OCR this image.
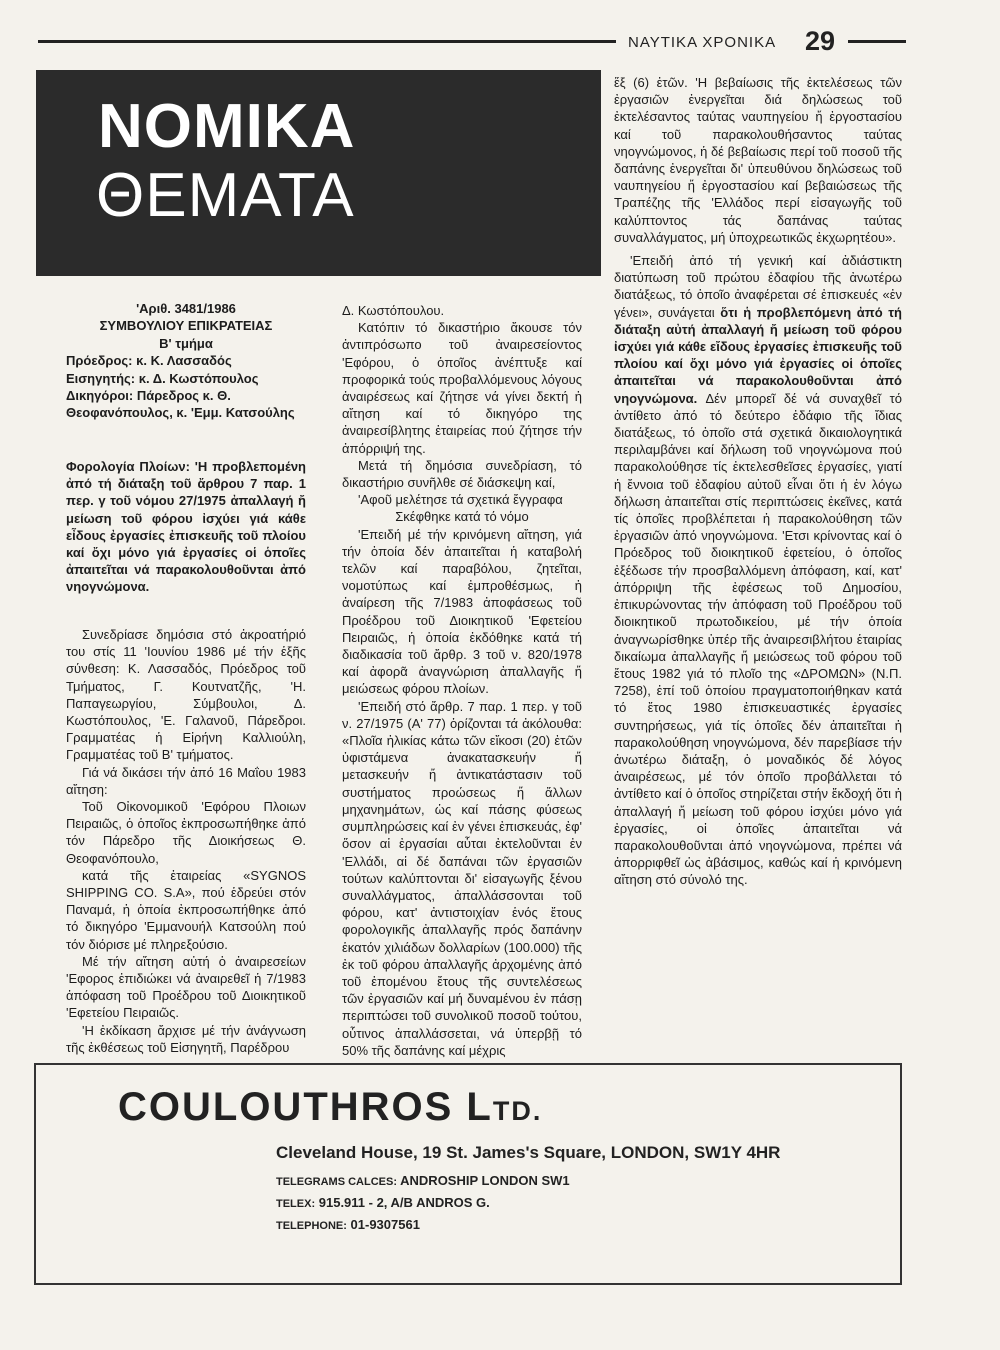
ΝΑΥΤΙΚΑ ΧΡΟΝΙΚΑ 29
ΝΟΜΙΚΑ
ΘΕΜΑΤΑ
'Αριθ. 3481/1986
ΣΥΜΒΟΥΛΙΟΥ ΕΠΙΚΡΑΤΕΙΑΣ
Β' τμήμα
Πρόεδρος: κ. Κ. Λασσαδός
Εισηγητής: κ. Δ. Κωστόπουλος
Δικηγόροι: Πάρεδρος κ. Θ. Θεοφανόπουλος, κ. 'Εμμ. Κατσούλης
Φορολογία Πλοίων: 'Η προβλεπομένη ἀπό τή διάταξη τοῦ ἄρθρου 7 παρ. 1 περ. γ τοῦ νόμου 27/1975 ἀπαλλαγή ἤ μείωση τοῦ φόρου ἰσχύει γιά κάθε εἶδους ἐργασίες ἐπισκευῆς τοῦ πλοίου καί ὄχι μόνο γιά ἐργασίες οἱ ὁποῖες ἀπαιτεῖται νά παρακολουθοῦνται ἀπό νηογνώμονα.

Συνεδρίασε δημόσια στό ἀκροατήριό του στίς 11 'Ιουνίου 1986 μέ τήν ἑξῆς σύνθεση: Κ. Λασσαδός, Πρόεδρος τοῦ Τμήματος, Γ. Κουτνατζῆς, 'Η. Παπαγεωργίου, Σύμβουλοι, Δ. Κωστόπουλος, 'Ε. Γαλανοῦ, Πάρεδροι. Γραμματέας ἡ Εἰρήνη Καλλιούλη, Γραμματέας τοῦ Β' τμήματος.

Γιά νά δικάσει τήν ἀπό 16 Μαΐου 1983 αἴτηση:

Τοῦ Οἰκονομικοῦ 'Εφόρου Πλοιων Πειραιῶς, ὁ ὁποῖος ἐκπροσωπήθηκε ἀπό τόν Πάρεδρο τῆς Διοικήσεως Θ. Θεοφανόπουλο,

κατά τῆς ἑταιρείας «SYGNOS SHIPPING CO. S.A», πού ἑδρεύει στόν Παναμά, ἡ ὁποία ἐκπροσωπήθηκε ἀπό τό δικηγόρο 'Εμμανουήλ Κατσούλη πού τόν διόρισε μέ πληρεξούσιο.

Μέ τήν αἴτηση αὐτή ὁ ἀναιρεσείων 'Εφορος ἐπιδιώκει νά ἀναιρεθεῖ ἡ 7/1983 ἀπόφαση τοῦ Προέδρου τοῦ Διοικητικοῦ 'Εφετείου Πειραιῶς.

'Η ἐκδίκαση ἄρχισε μέ τήν ἀνάγνωση τῆς ἐκθέσεως τοῦ Εἰσηγητῆ, Παρέδρου

Δ. Κωστόπουλου.

Κατόπιν τό δικαστήριο ἄκουσε τόν ἀντιπρόσωπο τοῦ ἀναιρεσείοντος 'Εφόρου, ὁ ὁποῖος ἀνέπτυξε καί προφορικά τούς προβαλλόμενους λόγους ἀναιρέσεως καί ζήτησε νά γίνει δεκτή ἡ αἴτηση καί τό δικηγόρο της ἀναιρεσίβλητης ἑταιρείας πού ζήτησε τήν ἀπόρριψή της.

Μετά τή δημόσια συνεδρίαση, τό δικαστήριο συνῆλθε σέ διάσκεψη καί,

'Αφοῦ μελέτησε τά σχετικά ἔγγραφα

Σκέφθηκε κατά τό νόμο

'Επειδή μέ τήν κρινόμενη αἴτηση, γιά τήν ὁποία δέν ἀπαιτεῖται ἡ καταβολή τελῶν καί παραβόλου, ζητεῖται, νομοτύπως καί ἐμπροθέσμως, ἡ ἀναίρεση τῆς 7/1983 ἀποφάσεως τοῦ Προέδρου τοῦ Διοικητικοῦ 'Εφετείου Πειραιῶς, ἡ ὁποία ἐκδόθηκε κατά τή διαδικασία τοῦ ἄρθρ. 3 τοῦ ν. 820/1978 καί ἀφορᾶ ἀναγνώριση ἀπαλλαγῆς ἤ μειώσεως φόρου πλοίων.

'Επειδή στό ἄρθρ. 7 παρ. 1 περ. γ τοῦ ν. 27/1975 (Α' 77) ὁρίζονται τά ἀκόλουθα: «Πλοῖα ἡλικίας κάτω τῶν εἴκοσι (20) ἐτῶν ὑφιστάμενα ἀνακατασκευήν ἤ μετασκευήν ἤ ἀντικατάστασιν τοῦ συστήματος προώσεως ἤ ἄλλων μηχανημάτων, ὡς καί πάσης φύσεως συμπληρώσεις καί ἐν γένει ἐπισκευάς, ἐφ' ὅσον αἱ ἐργασίαι αὗται ἐκτελοῦνται ἐν 'Ελλάδι, αἱ δέ δαπάναι τῶν ἐργασιῶν τούτων καλύπτονται δι' εἰσαγωγῆς ξένου συναλλάγματος, ἀπαλλάσσονται τοῦ φόρου, κατ' ἀντιστοιχίαν ἑνός ἔτους φορολογικῆς ἀπαλλαγῆς πρός δαπάνην ἑκατόν χιλιάδων δολλαρίων (100.000) τῆς ἐκ τοῦ φόρου ἀπαλλαγῆς ἀρχομένης ἀπό τοῦ ἑπομένου ἔτους τῆς συντελέσεως τῶν ἐργασιῶν καί μή δυναμένου ἐν πάσῃ περιπτώσει τοῦ συνολικοῦ ποσοῦ τούτου, οὗτινος ἀπαλλάσσεται, νά ὑπερβῇ τό 50% τῆς δαπάνης καί μέχρις

ἕξ (6) ἐτῶν. 'Η βεβαίωσις τῆς ἐκτελέσεως τῶν ἐργασιῶν ἐνεργεῖται διά δηλώσεως τοῦ ἐκτελέσαντος ταύτας ναυπηγείου ἤ ἐργοστασίου καί τοῦ παρακολουθήσαντος ταύτας νηογνώμονος, ἡ δέ βεβαίωσις περί τοῦ ποσοῦ τῆς δαπάνης ἐνεργεῖται δι' ὑπευθύνου δηλώσεως τοῦ ναυπηγείου ἤ ἐργοστασίου καί βεβαιώσεως τῆς Τραπέζης τῆς 'Ελλάδος περί εἰσαγωγῆς τοῦ καλύπτοντος τάς δαπάνας ταύτας συναλλάγματος, μή ὑποχρεωτικῶς ἐκχωρητέου».

'Επειδή ἀπό τή γενική καί ἀδιάστικτη διατύπωση τοῦ πρώτου ἐδαφίου τῆς ἀνωτέρω διατάξεως, τό ὁποῖο ἀναφέρεται σέ ἐπισκευές «ἐν γένει», συνάγεται ὅτι ἡ προβλεπόμενη ἀπό τή διάταξη αὐτή ἀπαλλαγή ἤ μείωση τοῦ φόρου ἰσχύει γιά κάθε εἴδους ἐργασίες ἐπισκευῆς τοῦ πλοίου καί ὄχι μόνο γιά ἐργασίες οἱ ὁποῖες ἀπαιτεῖται νά παρακολουθοῦνται ἀπό νηογνώμονα. Δέν μπορεῖ δέ νά συναχθεῖ τό ἀντίθετο ἀπό τό δεύτερο ἐδάφιο τῆς ἴδιας διατάξεως, τό ὁποῖο στά σχετικά δικαιολογητικά περιλαμβάνει καί δήλωση τοῦ νηογνώμονα πού παρακολούθησε τίς ἐκτελεσθεῖσες ἐργασίες, γιατί ἡ ἔννοια τοῦ ἐδαφίου αὐτοῦ εἶναι ὅτι ἡ ἐν λόγω δήλωση ἀπαιτεῖται στίς περιπτώσεις ἐκεῖνες, κατά τίς ὁποῖες προβλέπεται ἡ παρακολούθηση τῶν ἐργασιῶν ἀπό νηογνώμονα. 'Ετσι κρίνοντας καί ὁ Πρόεδρος τοῦ διοικητικοῦ ἐφετείου, ὁ ὁποῖος ἐξέδωσε τήν προσβαλλόμενη ἀπόφαση, καί, κατ' ἀπόρριψη τῆς ἐφέσεως τοῦ Δημοσίου, ἐπικυρώνοντας τήν ἀπόφαση τοῦ Προέδρου τοῦ διοικητικοῦ πρωτοδικείου, μέ τήν ὁποία ἀναγνωρίσθηκε ὑπέρ τῆς ἀναιρεσιβλήτου ἑταιρίας δικαίωμα ἀπαλλαγῆς ἤ μειώσεως τοῦ φόρου τοῦ ἔτους 1982 γιά τό πλοῖο της «ΔΡΟΜΩΝ» (Ν.Π. 7258), ἐπί τοῦ ὁποίου πραγματοποιήθηκαν κατά τό ἔτος 1980 ἐπισκευαστικές ἐργασίες συντηρήσεως, γιά τίς ὁποῖες δέν ἀπαιτεῖται ἡ παρακολούθηση νηογνώμονα, δέν παρεβίασε τήν ἀνωτέρω διάταξη, ὁ μοναδικός δέ λόγος ἀναιρέσεως, μέ τόν ὁποῖο προβάλλεται τό ἀντίθετο καί ὁ ὁποῖος στηρίζεται στήν ἔκδοχή ὅτι ἡ ἀπαλλαγή ἤ μείωση τοῦ φόρου ἰσχύει μόνο γιά ἐργασίες, οἱ ὁποῖες ἀπαιτεῖται νά παρακολουθοῦνται ἀπό νηογνώμονα, πρέπει νά ἀπορριφθεῖ ὡς ἀβάσιμος, καθώς καί ἡ κρινόμενη αἴτηση στό σύνολό της.

COULOUTHROS LTD.
Cleveland House, 19 St. James's Square, LONDON, SW1Y 4HR
TELEGRAMS CALCES: ANDROSHIP LONDON SW1
TELEX: 915.911 - 2, A/B ANDROS G.
TELEPHONE: 01-9307561
